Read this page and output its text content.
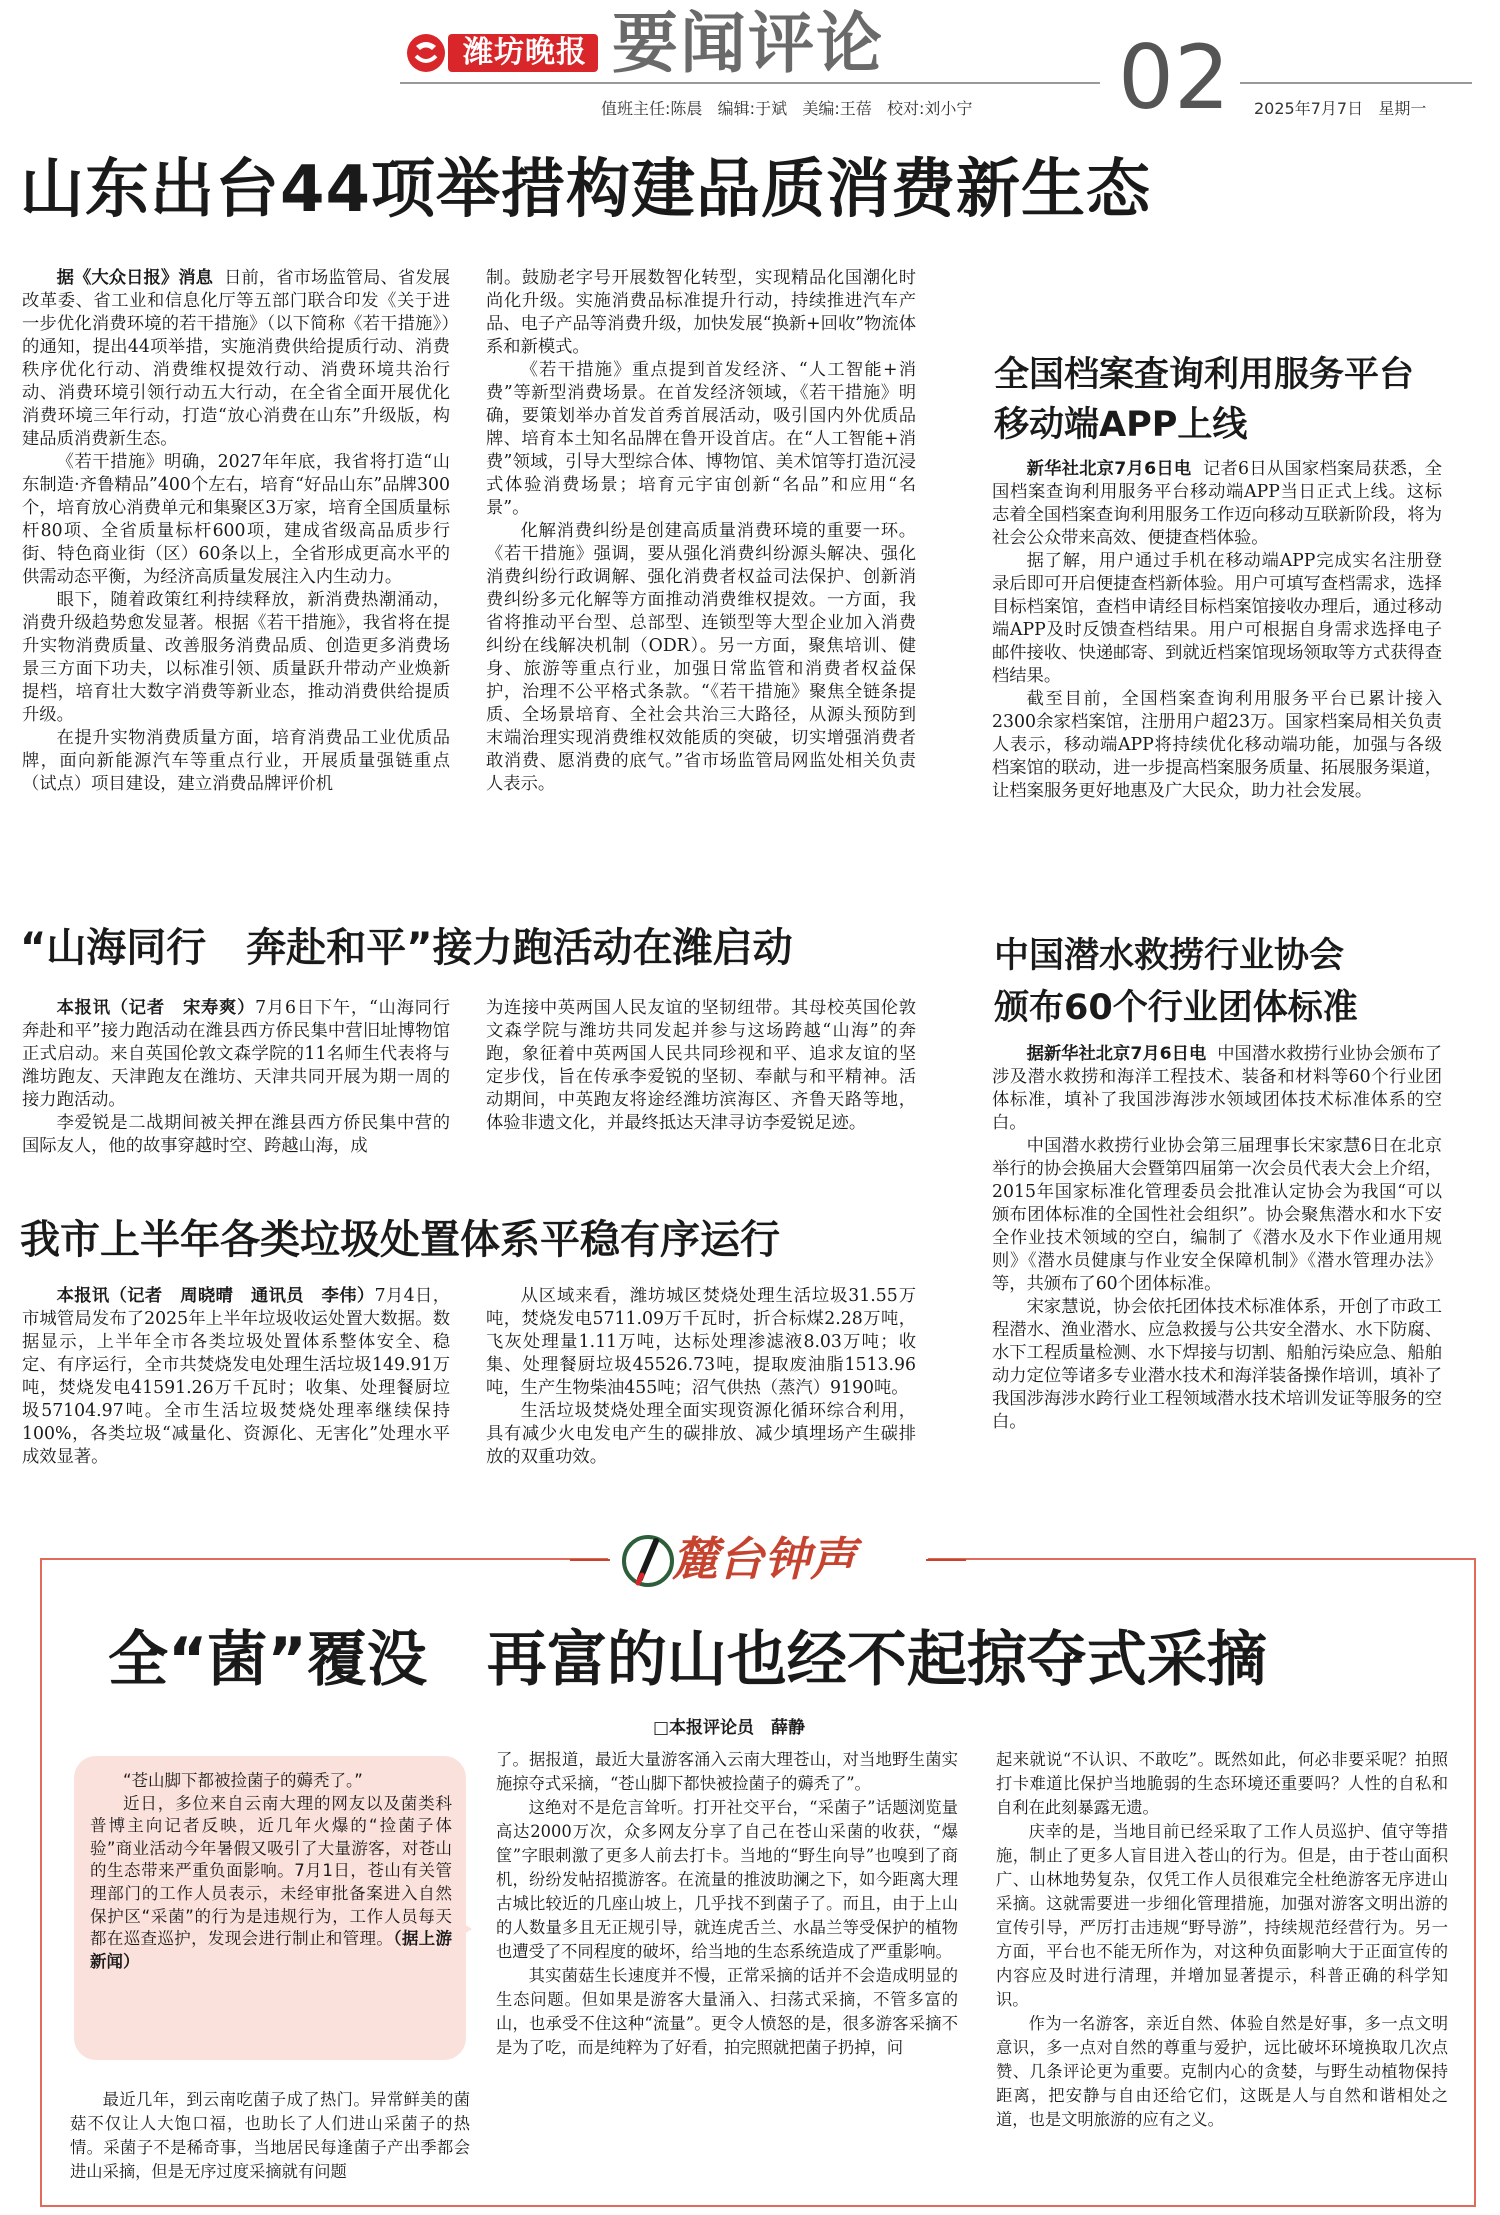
潍坊晚报 要闻评论	02
值班主任:陈晨 编辑:于斌 美编:王蓓 校对:刘小宁	2025年7月7日 星期一
山东出台44项举措构建品质消费新生态

据《大众日报》消息 日前，省市场监管局、省发展改革委、省工业和信息化厅等五部门联合印发《关于进一步优化消费环境的若干措施》（以下简称《若干措施》）的通知，提出44项举措，实施消费供给提质行动、消费秩序优化行动、消费维权提效行动、消费环境共治行动、消费环境引领行动五大行动，在全省全面开展优化消费环境三年行动，打造“放心消费在山东”升级版，构建品质消费新生态。

《若干措施》明确，2027年年底，我省将打造“山东制造·齐鲁精品”400个左右，培育“好品山东”品牌300个，培育放心消费单元和集聚区3万家，培育全国质量标杆80项、全省质量标杆600项，建成省级高品质步行街、特色商业街（区）60条以上，全省形成更高水平的供需动态平衡，为经济高质量发展注入内生动力。

眼下，随着政策红利持续释放，新消费热潮涌动，消费升级趋势愈发显著。根据《若干措施》，我省将在提升实物消费质量、改善服务消费品质、创造更多消费场景三方面下功夫，以标准引领、质量跃升带动产业焕新提档，培育壮大数字消费等新业态，推动消费供给提质升级。

在提升实物消费质量方面，培育消费品工业优质品牌，面向新能源汽车等重点行业，开展质量强链重点（试点）项目建设，建立消费品牌评价机

制。鼓励老字号开展数智化转型，实现精品化国潮化时尚化升级。实施消费品标准提升行动，持续推进汽车产品、电子产品等消费升级，加快发展“换新+回收”物流体系和新模式。

《若干措施》重点提到首发经济、“人工智能+消费”等新型消费场景。在首发经济领域，《若干措施》明确，要策划举办首发首秀首展活动，吸引国内外优质品牌、培育本土知名品牌在鲁开设首店。在“人工智能+消费”领域，引导大型综合体、博物馆、美术馆等打造沉浸式体验消费场景；培育元宇宙创新“名品”和应用“名景”。

化解消费纠纷是创建高质量消费环境的重要一环。《若干措施》强调，要从强化消费纠纷源头解决、强化消费纠纷行政调解、强化消费者权益司法保护、创新消费纠纷多元化解等方面推动消费维权提效。一方面，我省将推动平台型、总部型、连锁型等大型企业加入消费纠纷在线解决机制（ODR）。另一方面，聚焦培训、健身、旅游等重点行业，加强日常监管和消费者权益保护，治理不公平格式条款。“《若干措施》聚焦全链条提质、全场景培育、全社会共治三大路径，从源头预防到末端治理实现消费维权效能质的突破，切实增强消费者敢消费、愿消费的底气。”省市场监管局网监处相关负责人表示。

全国档案查询利用服务平台
移动端APP上线

新华社北京7月6日电 记者6日从国家档案局获悉，全国档案查询利用服务平台移动端APP当日正式上线。这标志着全国档案查询利用服务工作迈向移动互联新阶段，将为社会公众带来高效、便捷查档体验。

据了解，用户通过手机在移动端APP完成实名注册登录后即可开启便捷查档新体验。用户可填写查档需求，选择目标档案馆，查档申请经目标档案馆接收办理后，通过移动端APP及时反馈查档结果。用户可根据自身需求选择电子邮件接收、快递邮寄、到就近档案馆现场领取等方式获得查档结果。

截至目前，全国档案查询利用服务平台已累计接入2300余家档案馆，注册用户超23万。国家档案局相关负责人表示，移动端APP将持续优化移动端功能，加强与各级档案馆的联动，进一步提高档案服务质量、拓展服务渠道，让档案服务更好地惠及广大民众，助力社会发展。

“山海同行　奔赴和平”接力跑活动在潍启动

本报讯（记者　宋寿爽）7月6日下午，“山海同行　奔赴和平”接力跑活动在潍县西方侨民集中营旧址博物馆正式启动。来自英国伦敦文森学院的11名师生代表将与潍坊跑友、天津跑友在潍坊、天津共同开展为期一周的接力跑活动。

李爱锐是二战期间被关押在潍县西方侨民集中营的国际友人，他的故事穿越时空、跨越山海，成

为连接中英两国人民友谊的坚韧纽带。其母校英国伦敦文森学院与潍坊共同发起并参与这场跨越“山海”的奔跑，象征着中英两国人民共同珍视和平、追求友谊的坚定步伐，旨在传承李爱锐的坚韧、奉献与和平精神。活动期间，中英跑友将途经潍坊滨海区、齐鲁天路等地，体验非遗文化，并最终抵达天津寻访李爱锐足迹。

中国潜水救捞行业协会
颁布60个行业团体标准

据新华社北京7月6日电 中国潜水救捞行业协会颁布了涉及潜水救捞和海洋工程技术、装备和材料等60个行业团体标准，填补了我国涉海涉水领域团体技术标准体系的空白。

中国潜水救捞行业协会第三届理事长宋家慧6日在北京举行的协会换届大会暨第四届第一次会员代表大会上介绍，2015年国家标准化管理委员会批准认定协会为我国“可以颁布团体标准的全国性社会组织”。协会聚焦潜水和水下安全作业技术领域的空白，编制了《潜水及水下作业通用规则》《潜水员健康与作业安全保障机制》《潜水管理办法》等，共颁布了60个团体标准。

宋家慧说，协会依托团体技术标准体系，开创了市政工程潜水、渔业潜水、应急救援与公共安全潜水、水下防腐、水下工程质量检测、水下焊接与切割、船舶污染应急、船舶动力定位等诸多专业潜水技术和海洋装备操作培训，填补了我国涉海涉水跨行业工程领域潜水技术培训发证等服务的空白。

我市上半年各类垃圾处置体系平稳有序运行

本报讯（记者　周晓晴　通讯员　李伟）7月4日，市城管局发布了2025年上半年垃圾收运处置大数据。数据显示，上半年全市各类垃圾处置体系整体安全、稳定、有序运行，全市共焚烧发电处理生活垃圾149.91万吨，焚烧发电41591.26万千瓦时；收集、处理餐厨垃圾57104.97吨。全市生活垃圾焚烧处理率继续保持100%，各类垃圾“减量化、资源化、无害化”处理水平成效显著。

从区域来看，潍坊城区焚烧处理生活垃圾31.55万吨，焚烧发电5711.09万千瓦时，折合标煤2.28万吨，飞灰处理量1.11万吨，达标处理渗滤液8.03万吨；收集、处理餐厨垃圾45526.73吨，提取废油脂1513.96吨，生产生物柴油455吨；沼气供热（蒸汽）9190吨。

生活垃圾焚烧处理全面实现资源化循环综合利用，具有减少火电发电产生的碳排放、减少填埋场产生碳排放的双重功效。

麓台钟声
全“菌”覆没　再富的山也经不起掠夺式采摘
□本报评论员　薛静

“苍山脚下都被捡菌子的薅秃了。”

近日，多位来自云南大理的网友以及菌类科普博主向记者反映，近几年火爆的“捡菌子体验”商业活动今年暑假又吸引了大量游客，对苍山的生态带来严重负面影响。7月1日，苍山有关管理部门的工作人员表示，未经审批备案进入自然保护区“采菌”的行为是违规行为，工作人员每天都在巡查巡护，发现会进行制止和管理。（据上游新闻）

最近几年，到云南吃菌子成了热门。异常鲜美的菌菇不仅让人大饱口福，也助长了人们进山采菌子的热情。采菌子不是稀奇事，当地居民每逢菌子产出季都会进山采摘，但是无序过度采摘就有问题

了。据报道，最近大量游客涌入云南大理苍山，对当地野生菌实施掠夺式采摘，“苍山脚下都快被捡菌子的薅秃了”。

这绝对不是危言耸听。打开社交平台，“采菌子”话题浏览量高达2000万次，众多网友分享了自己在苍山采菌的收获，“爆筐”字眼刺激了更多人前去打卡。当地的“野生向导”也嗅到了商机，纷纷发帖招揽游客。在流量的推波助澜之下，如今距离大理古城比较近的几座山坡上，几乎找不到菌子了。而且，由于上山的人数量多且无正规引导，就连虎舌兰、水晶兰等受保护的植物也遭受了不同程度的破坏，给当地的生态系统造成了严重影响。

其实菌菇生长速度并不慢，正常采摘的话并不会造成明显的生态问题。但如果是游客大量涌入、扫荡式采摘，不管多富的山，也承受不住这种“流量”。更令人愤怒的是，很多游客采摘不是为了吃，而是纯粹为了好看，拍完照就把菌子扔掉，问

起来就说“不认识、不敢吃”。既然如此，何必非要采呢？拍照打卡难道比保护当地脆弱的生态环境还重要吗？人性的自私和自利在此刻暴露无遗。

庆幸的是，当地目前已经采取了工作人员巡护、值守等措施，制止了更多人盲目进入苍山的行为。但是，由于苍山面积广、山林地势复杂，仅凭工作人员很难完全杜绝游客无序进山采摘。这就需要进一步细化管理措施，加强对游客文明出游的宣传引导，严厉打击违规“野导游”，持续规范经营行为。另一方面，平台也不能无所作为，对这种负面影响大于正面宣传的内容应及时进行清理，并增加显著提示，科普正确的科学知识。

作为一名游客，亲近自然、体验自然是好事，多一点文明意识，多一点对自然的尊重与爱护，远比破坏环境换取几次点赞、几条评论更为重要。克制内心的贪婪，与野生动植物保持距离，把安静与自由还给它们，这既是人与自然和谐相处之道，也是文明旅游的应有之义。
